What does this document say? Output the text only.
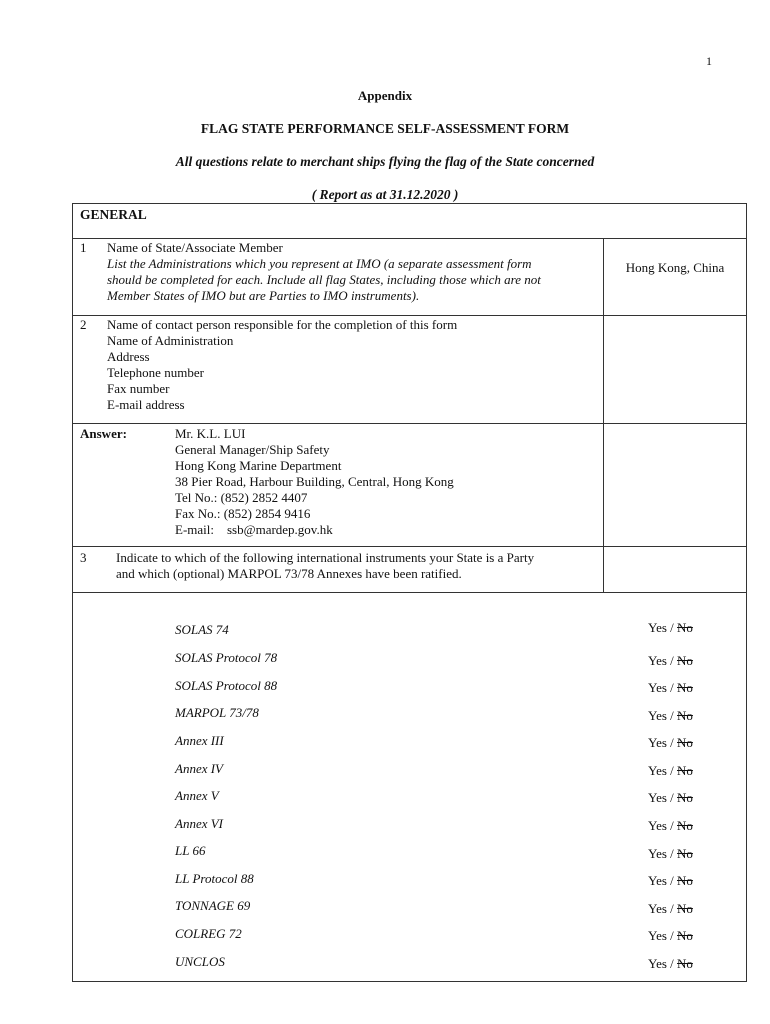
1
Appendix
FLAG STATE PERFORMANCE SELF-ASSESSMENT FORM
All questions relate to merchant ships flying the flag of the State concerned
( Report as at 31.12.2020 )
GENERAL
1 Name of State/Associate Member
List the Administrations which you represent at IMO (a separate assessment form
should be completed for each. Include all flag States, including those which are not
Member States of IMO but are Parties to IMO instruments).
Hong Kong, China
2 Name of contact person responsible for the completion of this form
Name of Administration
Address
Telephone number
Fax number
E-mail address
Answer:	Mr. K.L. LUI
General Manager/Ship Safety
Hong Kong Marine Department
38 Pier Road, Harbour Building, Central, Hong Kong
Tel No.: (852) 2852 4407
Fax No.: (852) 2854 9416
E-mail:    ssb@mardep.gov.hk
3 Indicate to which of the following international instruments your State is a Party
and which (optional) MARPOL 73/78 Annexes have been ratified.
SOLAS 74	Yes / No
SOLAS Protocol 78	Yes / No
SOLAS Protocol 88	Yes / No
MARPOL 73/78	Yes / No
Annex III	Yes / No
Annex IV	Yes / No
Annex V	Yes / No
Annex VI	Yes / No
LL 66	Yes / No
LL Protocol 88	Yes / No
TONNAGE 69	Yes / No
COLREG 72	Yes / No
UNCLOS	Yes / No
